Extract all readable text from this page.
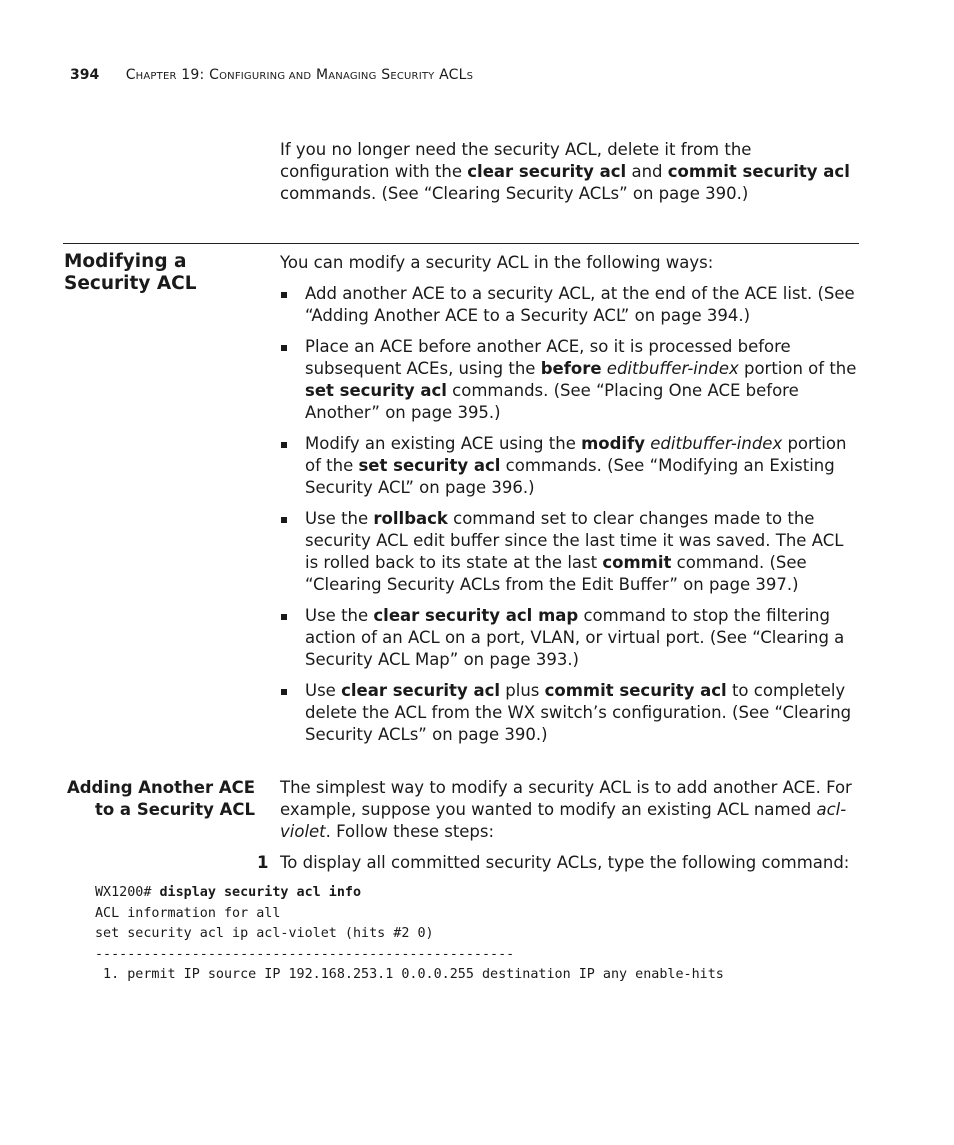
394 CHAPTER 19: CONFIGURING AND MANAGING SECURITY ACLS
If you no longer need the security ACL, delete it from the configuration with the clear security acl and commit security acl commands. (See “Clearing Security ACLs” on page 390.)
Modifying a Security ACL
You can modify a security ACL in the following ways:
Add another ACE to a security ACL, at the end of the ACE list. (See “Adding Another ACE to a Security ACL” on page 394.)
Place an ACE before another ACE, so it is processed before subsequent ACEs, using the before editbuffer-index portion of the set security acl commands. (See “Placing One ACE before Another” on page 395.)
Modify an existing ACE using the modify editbuffer-index portion of the set security acl commands. (See “Modifying an Existing Security ACL” on page 396.)
Use the rollback command set to clear changes made to the security ACL edit buffer since the last time it was saved. The ACL is rolled back to its state at the last commit command. (See “Clearing Security ACLs from the Edit Buffer” on page 397.)
Use the clear security acl map command to stop the filtering action of an ACL on a port, VLAN, or virtual port. (See “Clearing a Security ACL Map” on page 393.)
Use clear security acl plus commit security acl to completely delete the ACL from the WX switch’s configuration. (See “Clearing Security ACLs” on page 390.)
Adding Another ACE to a Security ACL
The simplest way to modify a security ACL is to add another ACE. For example, suppose you wanted to modify an existing ACL named acl-violet. Follow these steps:
1 To display all committed security ACLs, type the following command:
WX1200# display security acl info
ACL information for all
set security acl ip acl-violet (hits #2 0)
----------------------------------------------------
1. permit IP source IP 192.168.253.1 0.0.0.255 destination IP any enable-hits
